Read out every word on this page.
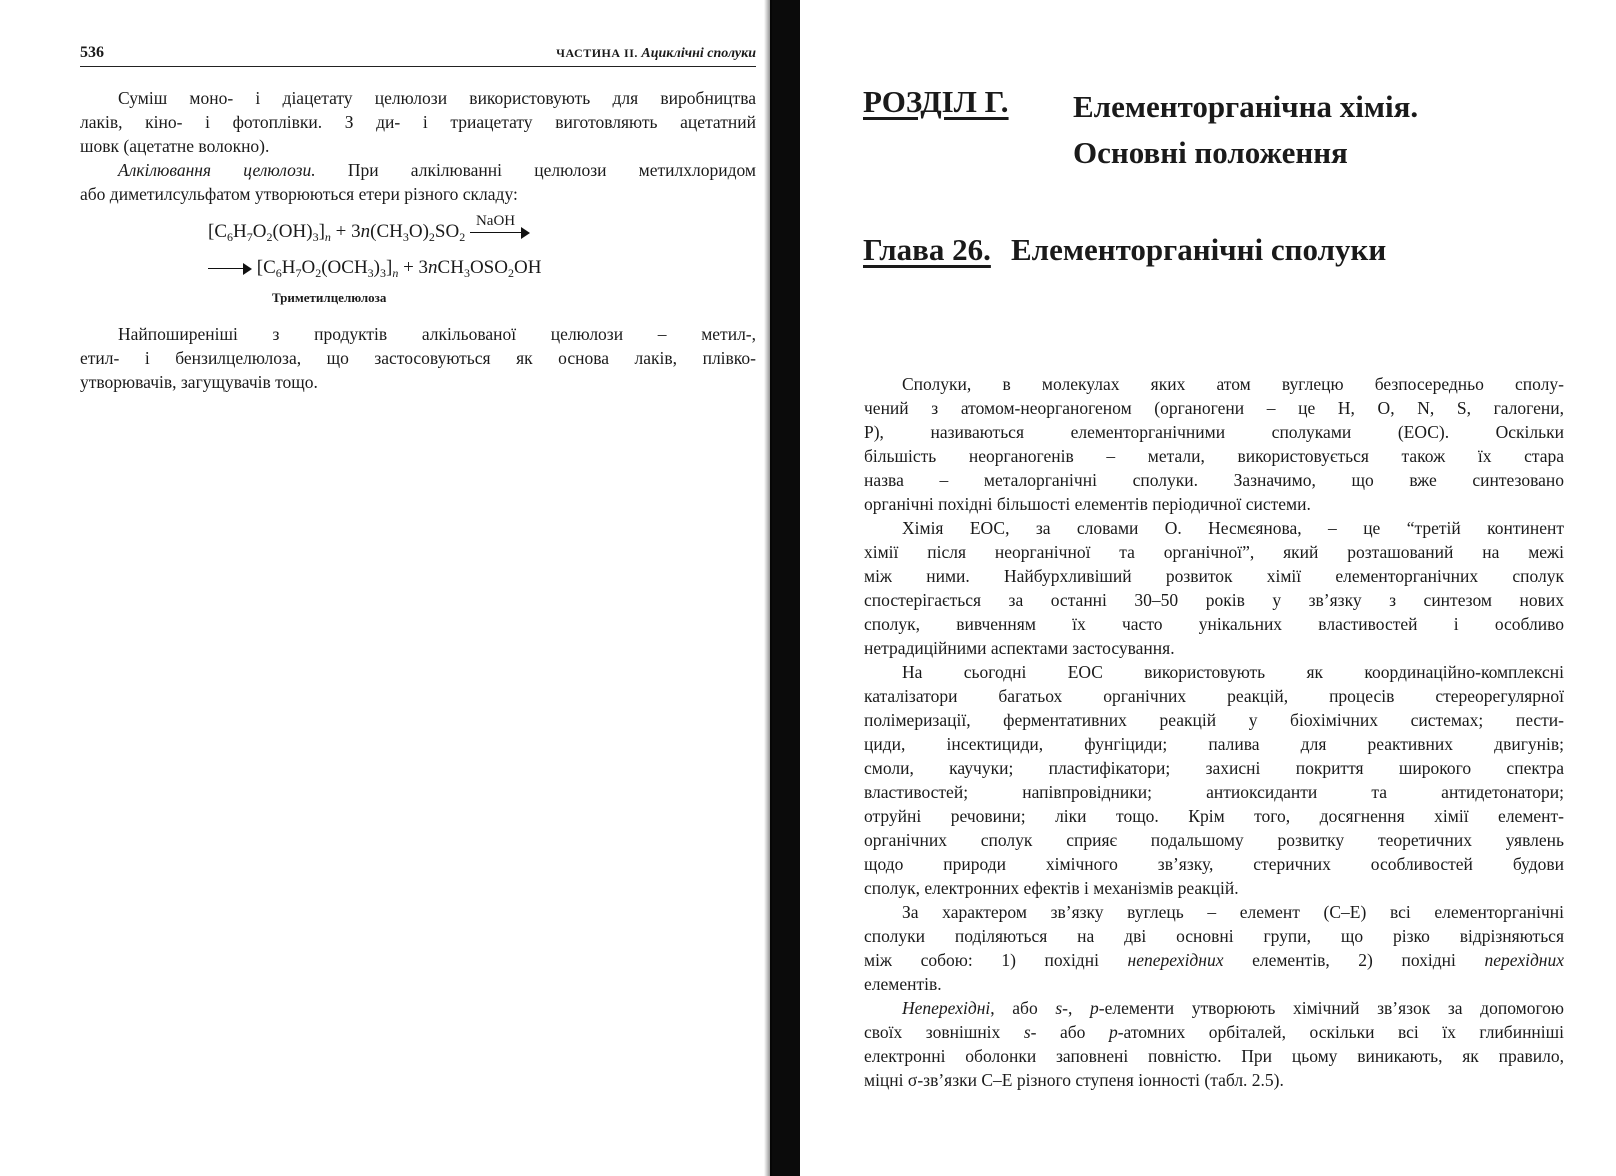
536	ЧАСТИНА II. Ациклічні сполуки
Суміш моно- і діацетату целюлози використовують для виробництва
лаків, кіно- і фотоплівки. З ди- і триацетату виготовляють ацетатний
шовк (ацетатне волокно).
Алкілювання целюлози. При алкілюванні целюлози метилхлоридом
або диметилсульфатом утворюються етери різного складу:
$[C_6H_7O_2(OH)_3]_n + 3n(CH_3O)_2SO_2$
NaOH
$[C_6H_7O_2(OCH_3)_3]_n + 3nCH_3OSO_2OH$
Триметилцелюлоза
Найпоширеніші з продуктів алкільованої целюлози – метил-,
етил- і бензилцелюлоза, що застосовуються як основа лаків, плівко-
утворювачів, загущувачів тощо.
РОЗДІЛ Г. Елементорганічна хімія.
Основні положення
Глава 26. Елементорганічні сполуки
Сполуки, в молекулах яких атом вуглецю безпосередньо сполу-
чений з атомом-неорганогеном (органогени – це H, O, N, S, галогени,
P), називаються елементорганічними сполуками (ЕОС). Оскільки
більшість неорганогенів – метали, використовується також їх стара
назва – металорганічні сполуки. Зазначимо, що вже синтезовано
органічні похідні більшості елементів періодичної системи.
Хімія ЕОС, за словами О. Несмєянова, – це “третій континент
хімії після неорганічної та органічної”, який розташований на межі
між ними. Найбурхливіший розвиток хімії елементорганічних сполук
спостерігається за останні 30–50 років у зв’язку з синтезом нових
сполук, вивченням їх часто унікальних властивостей і особливо
нетрадиційними аспектами застосування.
На сьогодні ЕОС використовують як координаційно-комплексні
каталізатори багатьох органічних реакцій, процесів стереорегулярної
полімеризації, ферментативних реакцій у біохімічних системах; пести-
циди, інсектициди, фунгіциди; палива для реактивних двигунів;
смоли, каучуки; пластифікатори; захисні покриття широкого спектра
властивостей; напівпровідники; антиоксиданти та антидетонатори;
отруйні речовини; ліки тощо. Крім того, досягнення хімії елемент-
органічних сполук сприяє подальшому розвитку теоретичних уявлень
щодо природи хімічного зв’язку, стеричних особливостей будови
сполук, електронних ефектів і механізмів реакцій.
За характером зв’язку вуглець – елемент (C–E) всі елементорганічні
сполуки поділяються на дві основні групи, що різко відрізняються
між собою: 1) похідні неперехідних елементів, 2) похідні перехідних
елементів.
Неперехідні, або s-, p-елементи утворюють хімічний зв’язок за допомогою
своїх зовнішніх s- або p-атомних орбіталей, оскільки всі їх глибинніші
електронні оболонки заповнені повністю. При цьому виникають, як правило,
міцні σ-зв’язки C–E різного ступеня іонності (табл. 2.5).
